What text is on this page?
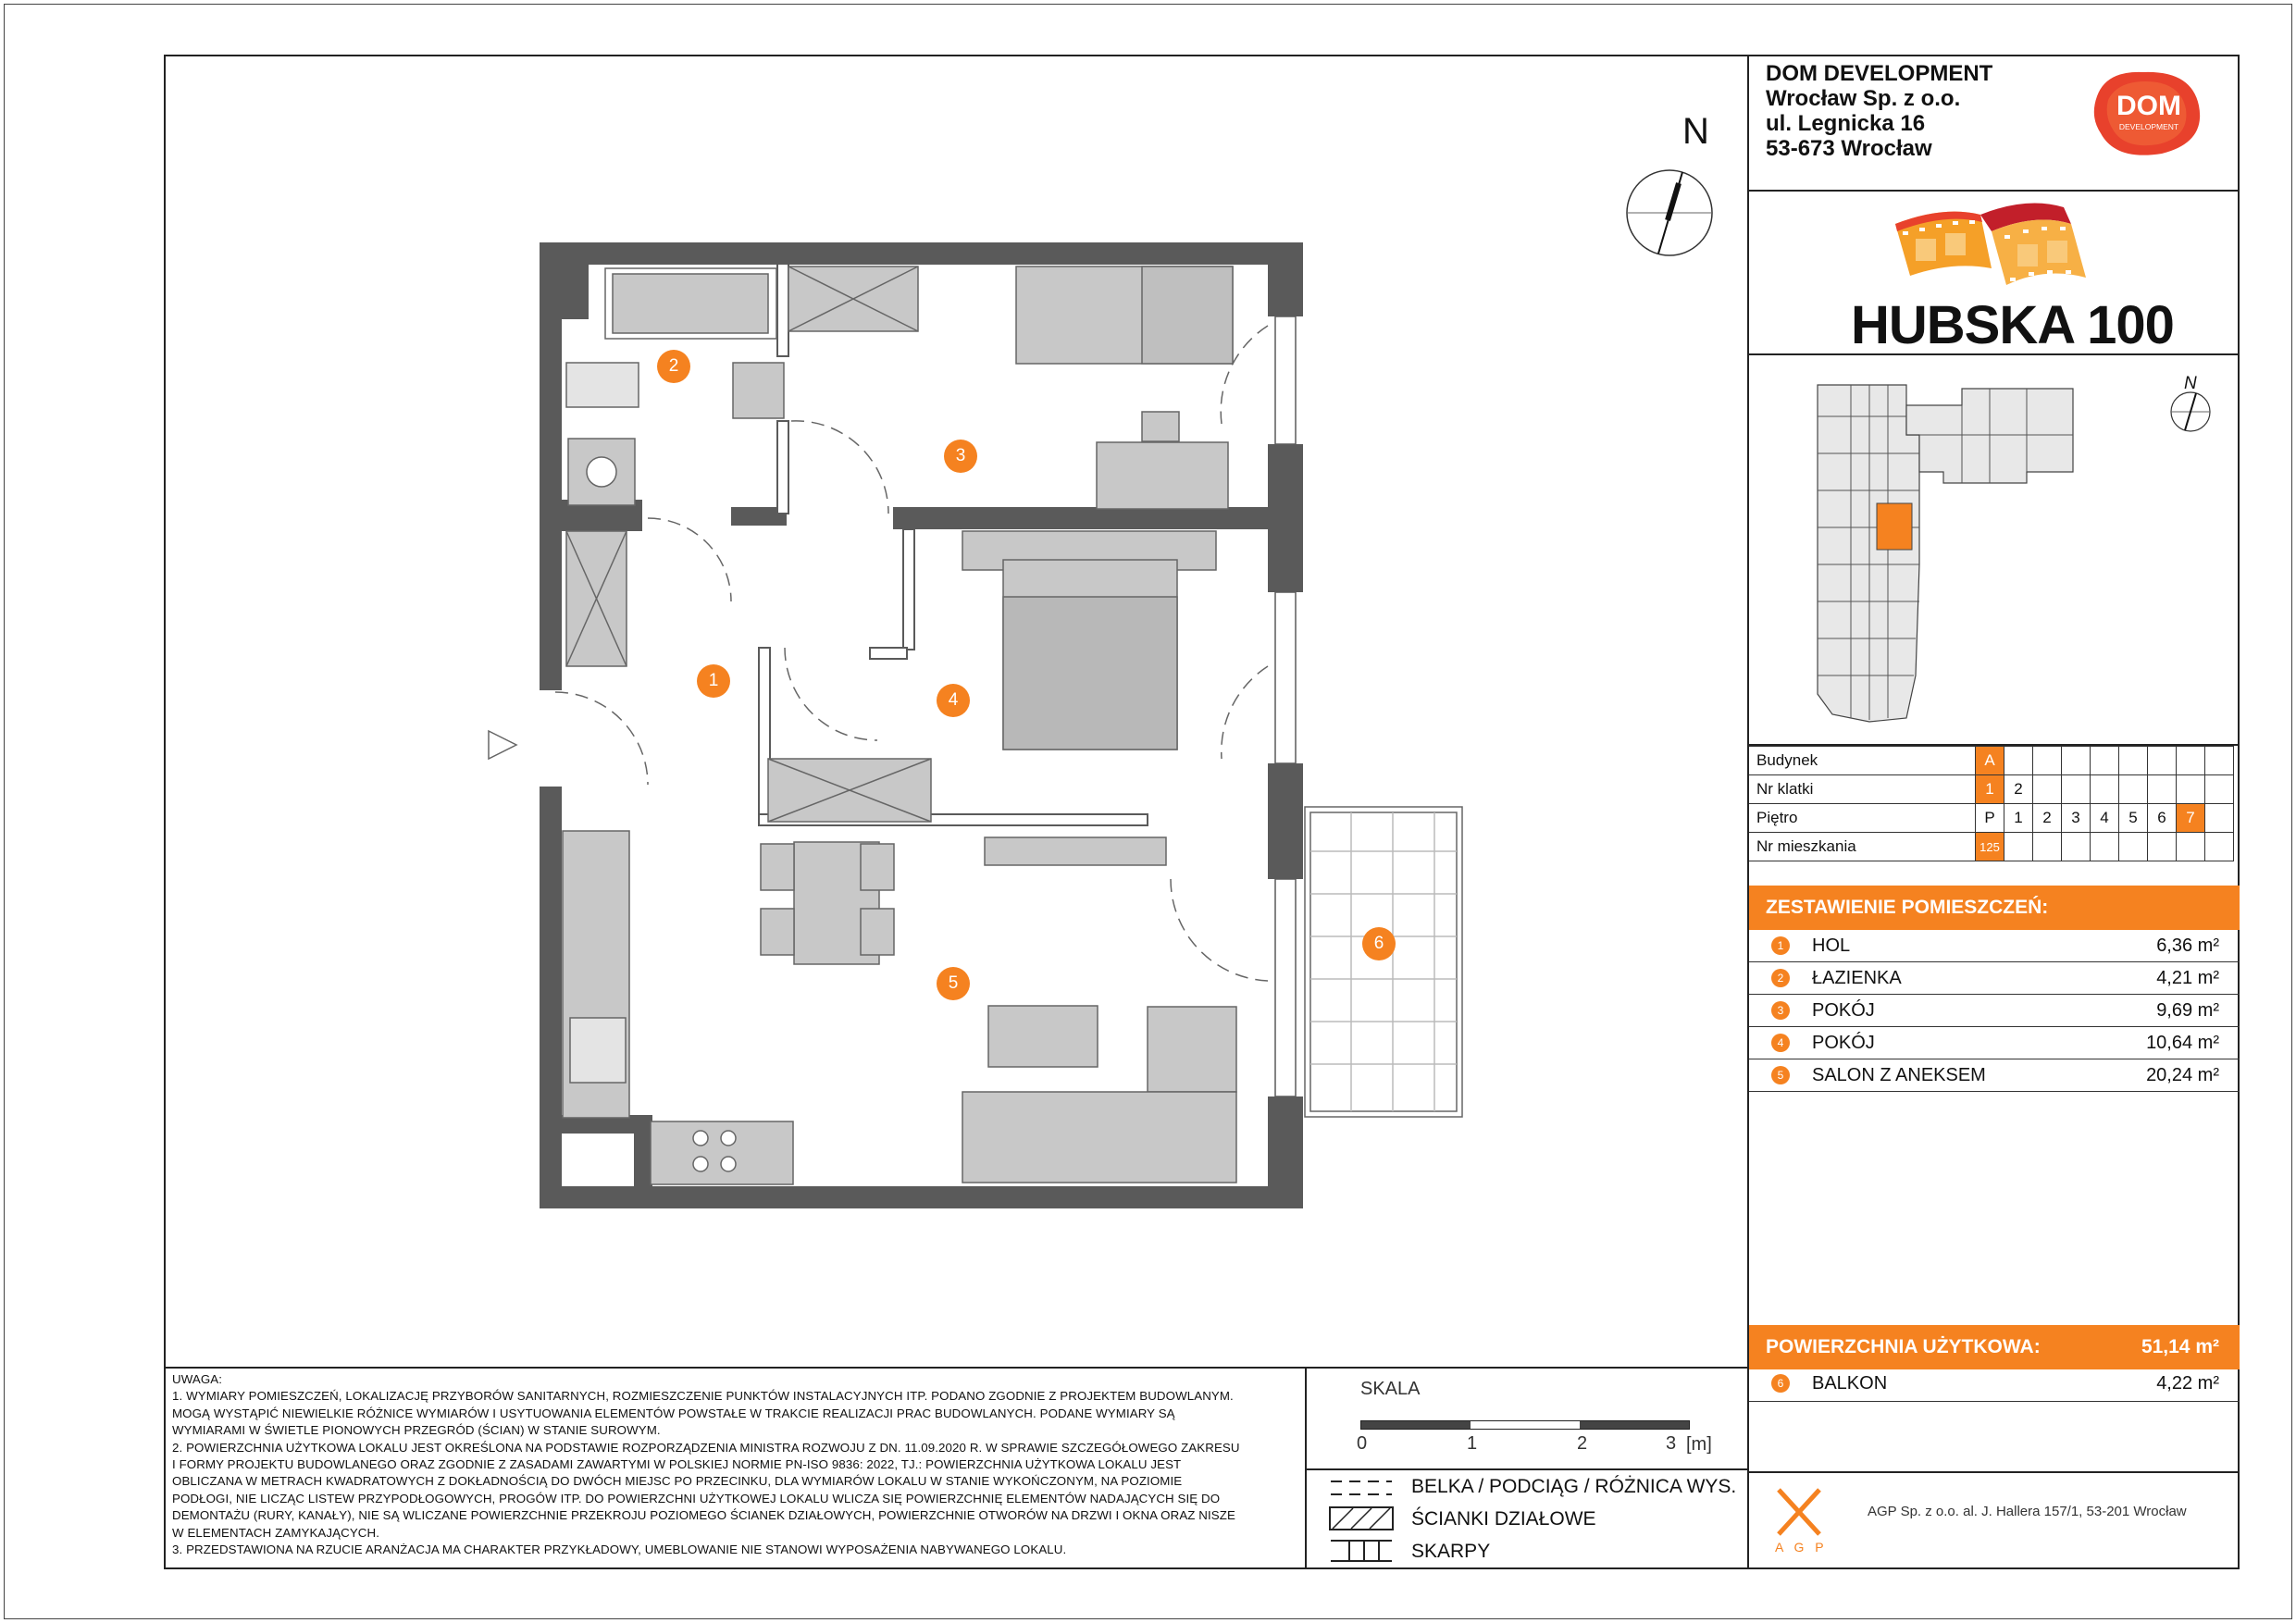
DOM DEVELOPMENT
Wrocław Sp. z o.o.
ul. Legnicka 16
53-673 Wrocław
DOM
DEVELOPMENT
HUBSKA 100
N
N
Budynek	A								
Nr klatki	1	2							
Piętro	P	1	2	3	4	5	6	7	
Nr mieszkania	125								
ZESTAWIENIE POMIESZCZEŃ:
1	HOL	6,36 m²
2	ŁAZIENKA	4,21 m²
3	POKÓJ	9,69 m²
4	POKÓJ	10,64 m²
5	SALON Z ANEKSEM	20,24 m²
POWIERZCHNIA UŻYTKOWA:	51,14 m²
6	BALKON	4,22 m²
A G P
AGP Sp. z o.o. al. J. Hallera 157/1, 53-201 Wrocław
UWAGA:
1. WYMIARY POMIESZCZEŃ, LOKALIZACJĘ PRZYBORÓW SANITARNYCH, ROZMIESZCZENIE PUNKTÓW INSTALACYJNYCH ITP. PODANO ZGODNIE Z PROJEKTEM BUDOWLANYM.
MOGĄ WYSTĄPIĆ NIEWIELKIE RÓŻNICE WYMIARÓW I USYTUOWANIA ELEMENTÓW POWSTAŁE W TRAKCIE REALIZACJI PRAC BUDOWLANYCH. PODANE WYMIARY SĄ
WYMIARAMI W ŚWIETLE PIONOWYCH PRZEGRÓD (ŚCIAN) W STANIE SUROWYM.
2. POWIERZCHNIA UŻYTKOWA LOKALU JEST OKREŚLONA NA PODSTAWIE ROZPORZĄDZENIA MINISTRA ROZWOJU Z DN. 11.09.2020 R. W SPRAWIE SZCZEGÓŁOWEGO ZAKRESU
I FORMY PROJEKTU BUDOWLANEGO ORAZ ZGODNIE Z ZASADAMI ZAWARTYMI W POLSKIEJ NORMIE PN-ISO 9836: 2022, TJ.: POWIERZCHNIA UŻYTKOWA LOKALU JEST
OBLICZANA W METRACH KWADRATOWYCH Z DOKŁADNOŚCIĄ DO DWÓCH MIEJSC PO PRZECINKU, DLA WYMIARÓW LOKALU W STANIE WYKOŃCZONYM, NA POZIOMIE
PODŁOGI, NIE LICZĄC LISTEW PRZYPODŁOGOWYCH, PROGÓW ITP. DO POWIERZCHNI UŻYTKOWEJ LOKALU WLICZA SIĘ POWIERZCHNIĘ ELEMENTÓW NADAJĄCYCH SIĘ DO
DEMONTAŻU (RURY, KANAŁY), NIE SĄ WLICZANE POWIERZCHNIE PRZEKROJU POZIOMEGO ŚCIANEK DZIAŁOWYCH, POWIERZCHNIE OTWORÓW NA DRZWI I OKNA ORAZ NISZE
W ELEMENTACH ZAMYKAJĄCYCH.
3. PRZEDSTAWIONA NA RZUCIE ARANŻACJA MA CHARAKTER PRZYKŁADOWY, UMEBLOWANIE NIE STANOWI WYPOSAŻENIA NABYWANEGO LOKALU.
SKALA
0	1	2	3 [m]
BELKA / PODCIĄG / RÓŻNICA WYS.
ŚCIANKI DZIAŁOWE
SKARPY
1
2
3
4
5
6
